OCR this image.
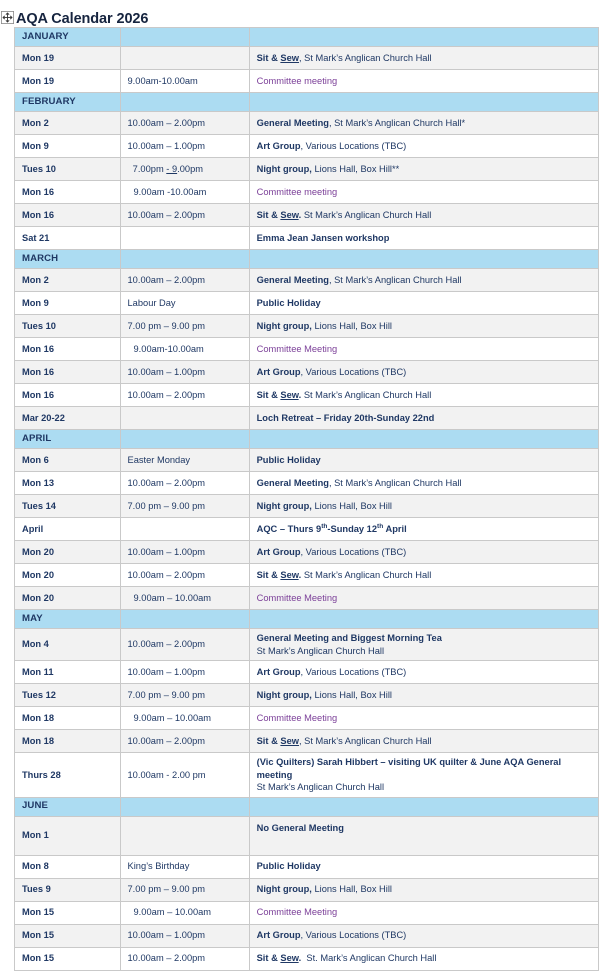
AQA Calendar 2026
JANUARY		
Mon 19		Sit & Sew, St Mark’s Anglican Church Hall
Mon 19	9.00am-10.00am	Committee meeting
FEBRUARY		
Mon 2	10.00am – 2.00pm	General Meeting, St Mark’s Anglican Church Hall*
Mon 9	10.00am – 1.00pm	Art Group, Various Locations (TBC)
Tues 10	7.00pm - 9.00pm	Night group, Lions Hall, Box Hill**
Mon 16	9.00am -10.00am	Committee meeting
Mon 16	10.00am – 2.00pm	Sit & Sew. St Mark’s Anglican Church Hall
Sat 21		Emma Jean Jansen workshop
MARCH		
Mon 2	10.00am – 2.00pm	General Meeting, St Mark’s Anglican Church Hall
Mon 9	Labour Day	Public Holiday
Tues 10	7.00 pm – 9.00 pm	Night group, Lions Hall, Box Hill
Mon 16	9.00am-10.00am	Committee Meeting
Mon 16	10.00am – 1.00pm	Art Group, Various Locations (TBC)
Mon 16	10.00am – 2.00pm	Sit & Sew. St Mark’s Anglican Church Hall
Mar 20-22		Loch Retreat – Friday 20th-Sunday 22nd
APRIL		
Mon 6	Easter Monday	Public Holiday
Mon 13	10.00am – 2.00pm	General Meeting, St Mark’s Anglican Church Hall
Tues 14	7.00 pm – 9.00 pm	Night group, Lions Hall, Box Hill
April		AQC – Thurs 9th-Sunday 12th April
Mon 20	10.00am – 1.00pm	Art Group, Various Locations (TBC)
Mon 20	10.00am – 2.00pm	Sit & Sew. St Mark’s Anglican Church Hall
Mon 20	9.00am – 10.00am	Committee Meeting
MAY		
Mon 4	10.00am – 2.00pm	General Meeting and Biggest Morning Tea
St Mark’s Anglican Church Hall

Mon 11	10.00am – 1.00pm	Art Group, Various Locations (TBC)
Tues 12	7.00 pm – 9.00 pm	Night group, Lions Hall, Box Hill
Mon 18	9.00am – 10.00am	Committee Meeting
Mon 18	10.00am – 2.00pm	Sit & Sew, St Mark’s Anglican Church Hall
Thurs 28	10.00am - 2.00 pm	(Vic Quilters) Sarah Hibbert – visiting UK quilter & June AQA General meeting
St Mark’s Anglican Church Hall

JUNE		
Mon 1		No General Meeting
Mon 8	King’s Birthday	Public Holiday
Tues 9	7.00 pm – 9.00 pm	Night group, Lions Hall, Box Hill
Mon 15	9.00am – 10.00am	Committee Meeting
Mon 15	10.00am – 1.00pm	Art Group, Various Locations (TBC)
Mon 15	10.00am – 2.00pm	Sit & Sew.  St. Mark’s Anglican Church Hall
